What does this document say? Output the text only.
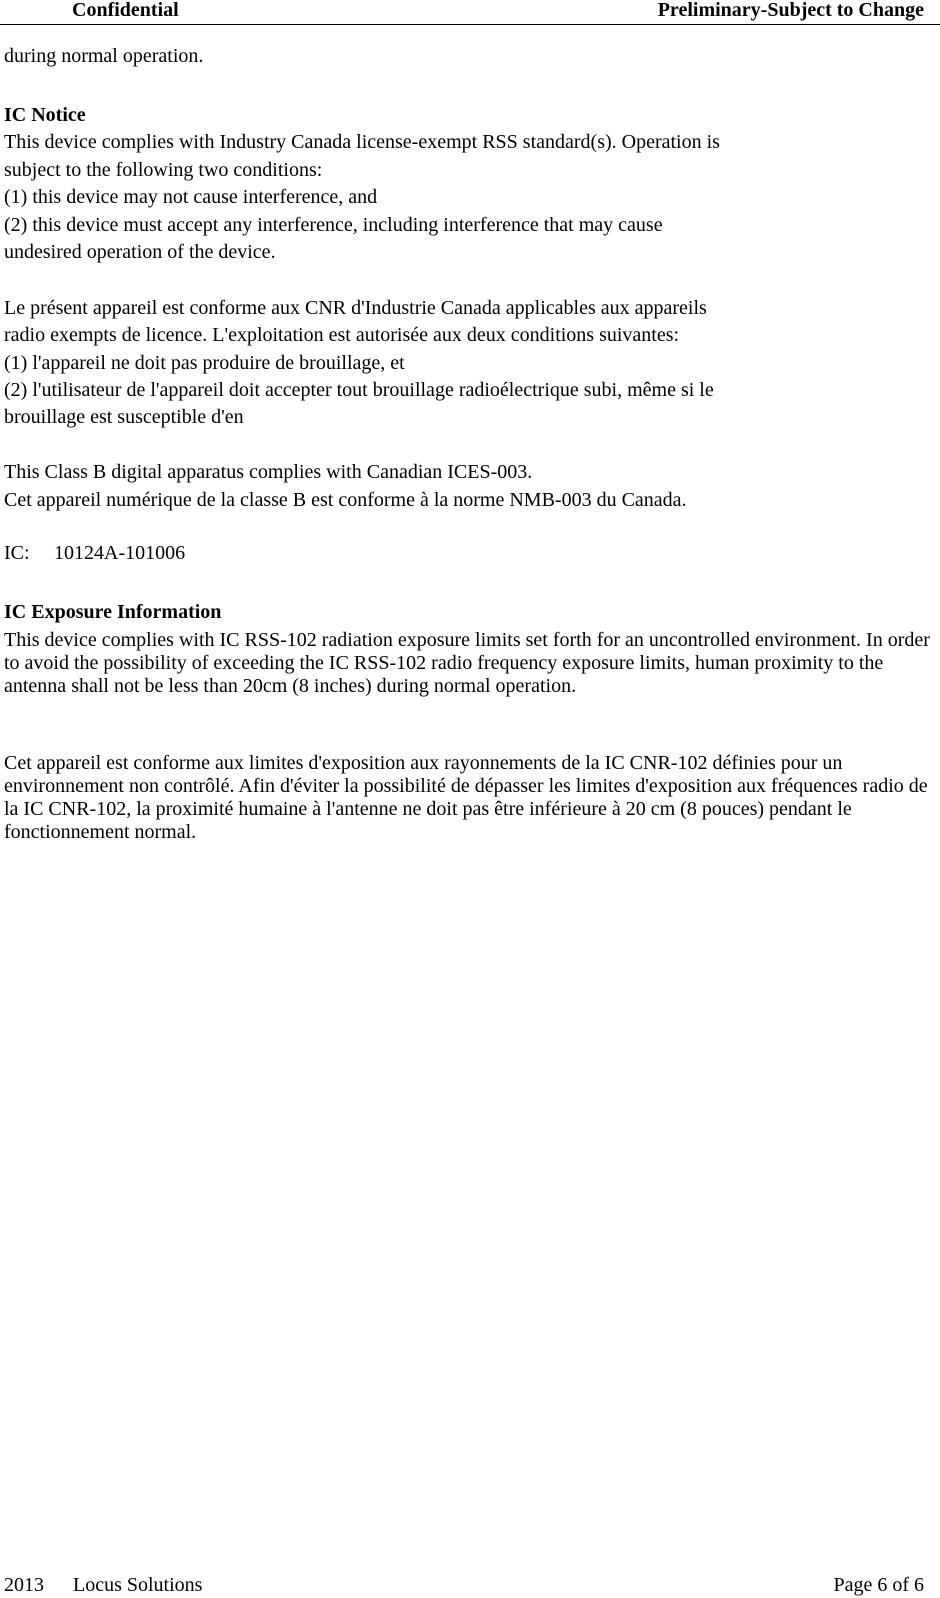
Confidential	Preliminary-Subject to Change
during normal operation.
IC Notice
This device complies with Industry Canada license-exempt RSS standard(s). Operation is
subject to the following two conditions:
(1) this device may not cause interference, and
(2) this device must accept any interference, including interference that may cause
undesired operation of the device.
Le présent appareil est conforme aux CNR d'Industrie Canada applicables aux appareils
radio exempts de licence. L'exploitation est autorisée aux deux conditions suivantes:
(1) l'appareil ne doit pas produire de brouillage, et
(2) l'utilisateur de l'appareil doit accepter tout brouillage radioélectrique subi, même si le
brouillage est susceptible d'en
This Class B digital apparatus complies with Canadian ICES-003.
Cet appareil numérique de la classe B est conforme à la norme NMB-003 du Canada.
IC: 10124A-101006
IC Exposure Information
This device complies with IC RSS-102 radiation exposure limits set forth for an uncontrolled environment. In order to avoid the possibility of exceeding the IC RSS-102 radio frequency exposure limits, human proximity to the antenna shall not be less than 20cm (8 inches) during normal operation.
Cet appareil est conforme aux limites d'exposition aux rayonnements de la IC CNR-102 définies pour un environnement non contrôlé. Afin d'éviter la possibilité de dépasser les limites d'exposition aux fréquences radio de la IC CNR-102, la proximité humaine à l'antenne ne doit pas être inférieure à 20 cm (8 pouces) pendant le fonctionnement normal.
2013 Locus Solutions	Page 6 of 6
